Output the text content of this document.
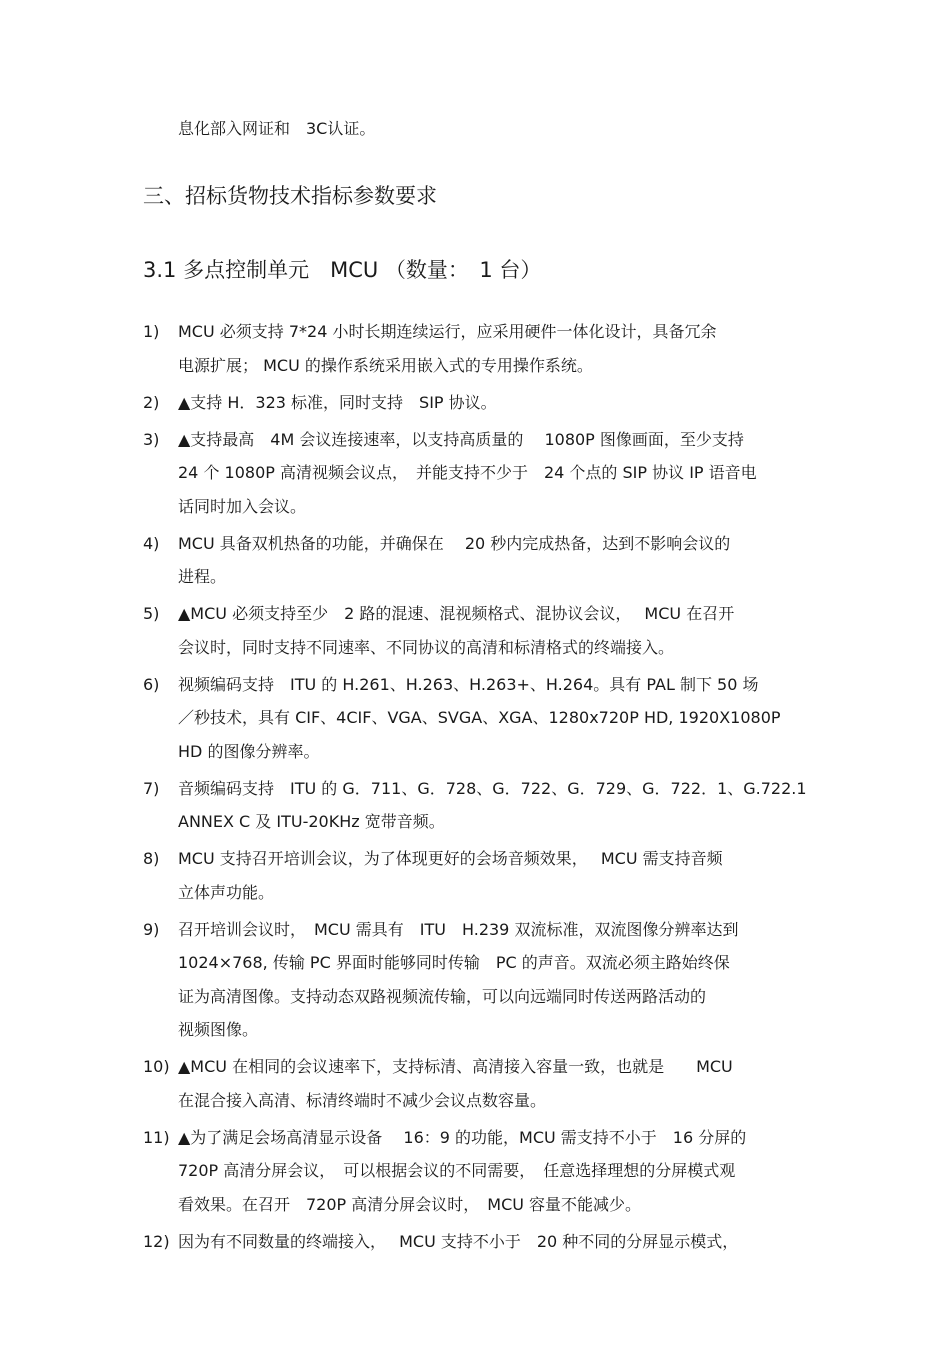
息化部入网证和　3C认证。
三、招标货物技术指标参数要求
3.1 多点控制单元　MCU （数量：　1 台）
1)	MCU 必须支持 7*24 小时长期连续运行，应采用硬件一体化设计，具备冗余
电源扩展； MCU 的操作系统采用嵌入式的专用操作系统。
2)	▲支持 H．323 标准，同时支持　SIP 协议。
3)	▲支持最高　4M 会议连接速率，以支持高质量的　 1080P 图像画面，至少支持
24 个 1080P 高清视频会议点，　并能支持不少于　24 个点的 SIP 协议 IP 语音电
话同时加入会议。
4)	MCU 具备双机热备的功能，并确保在　 20 秒内完成热备，达到不影响会议的
进程。
5)	▲MCU 必须支持至少　2 路的混速、混视频格式、混协议会议，　 MCU 在召开
会议时，同时支持不同速率、不同协议的高清和标清格式的终端接入。
6)	视频编码支持　ITU 的 H.261、H.263、H.263+、H.264。具有 PAL 制下 50 场
／秒技术，具有 CIF、4CIF、VGA、SVGA、XGA、1280x720P HD, 1920X1080P
HD 的图像分辨率。
7)	音频编码支持　ITU 的 G．711、G．728、G．722、G．729、G．722．1、G.722.1
ANNEX C 及 ITU-20KHz 宽带音频。
8)	MCU 支持召开培训会议，为了体现更好的会场音频效果，　 MCU 需支持音频
立体声功能。
9)	召开培训会议时，　MCU 需具有　ITU　H.239 双流标准，双流图像分辨率达到
1024×768, 传输 PC 界面时能够同时传输　PC 的声音。双流必须主路始终保
证为高清图像。支持动态双路视频流传输，可以向远端同时传送两路活动的
视频图像。
10) ▲MCU 在相同的会议速率下，支持标清、高清接入容量一致，也就是　　MCU
在混合接入高清、标清终端时不减少会议点数容量。
11) ▲为了满足会场高清显示设备　 16：9 的功能，MCU 需支持不小于　16 分屏的
720P 高清分屏会议，　可以根据会议的不同需要，　任意选择理想的分屏模式观
看效果。在召开　720P 高清分屏会议时，　MCU 容量不能减少。
12) 因为有不同数量的终端接入，　 MCU 支持不小于　20 种不同的分屏显示模式，
